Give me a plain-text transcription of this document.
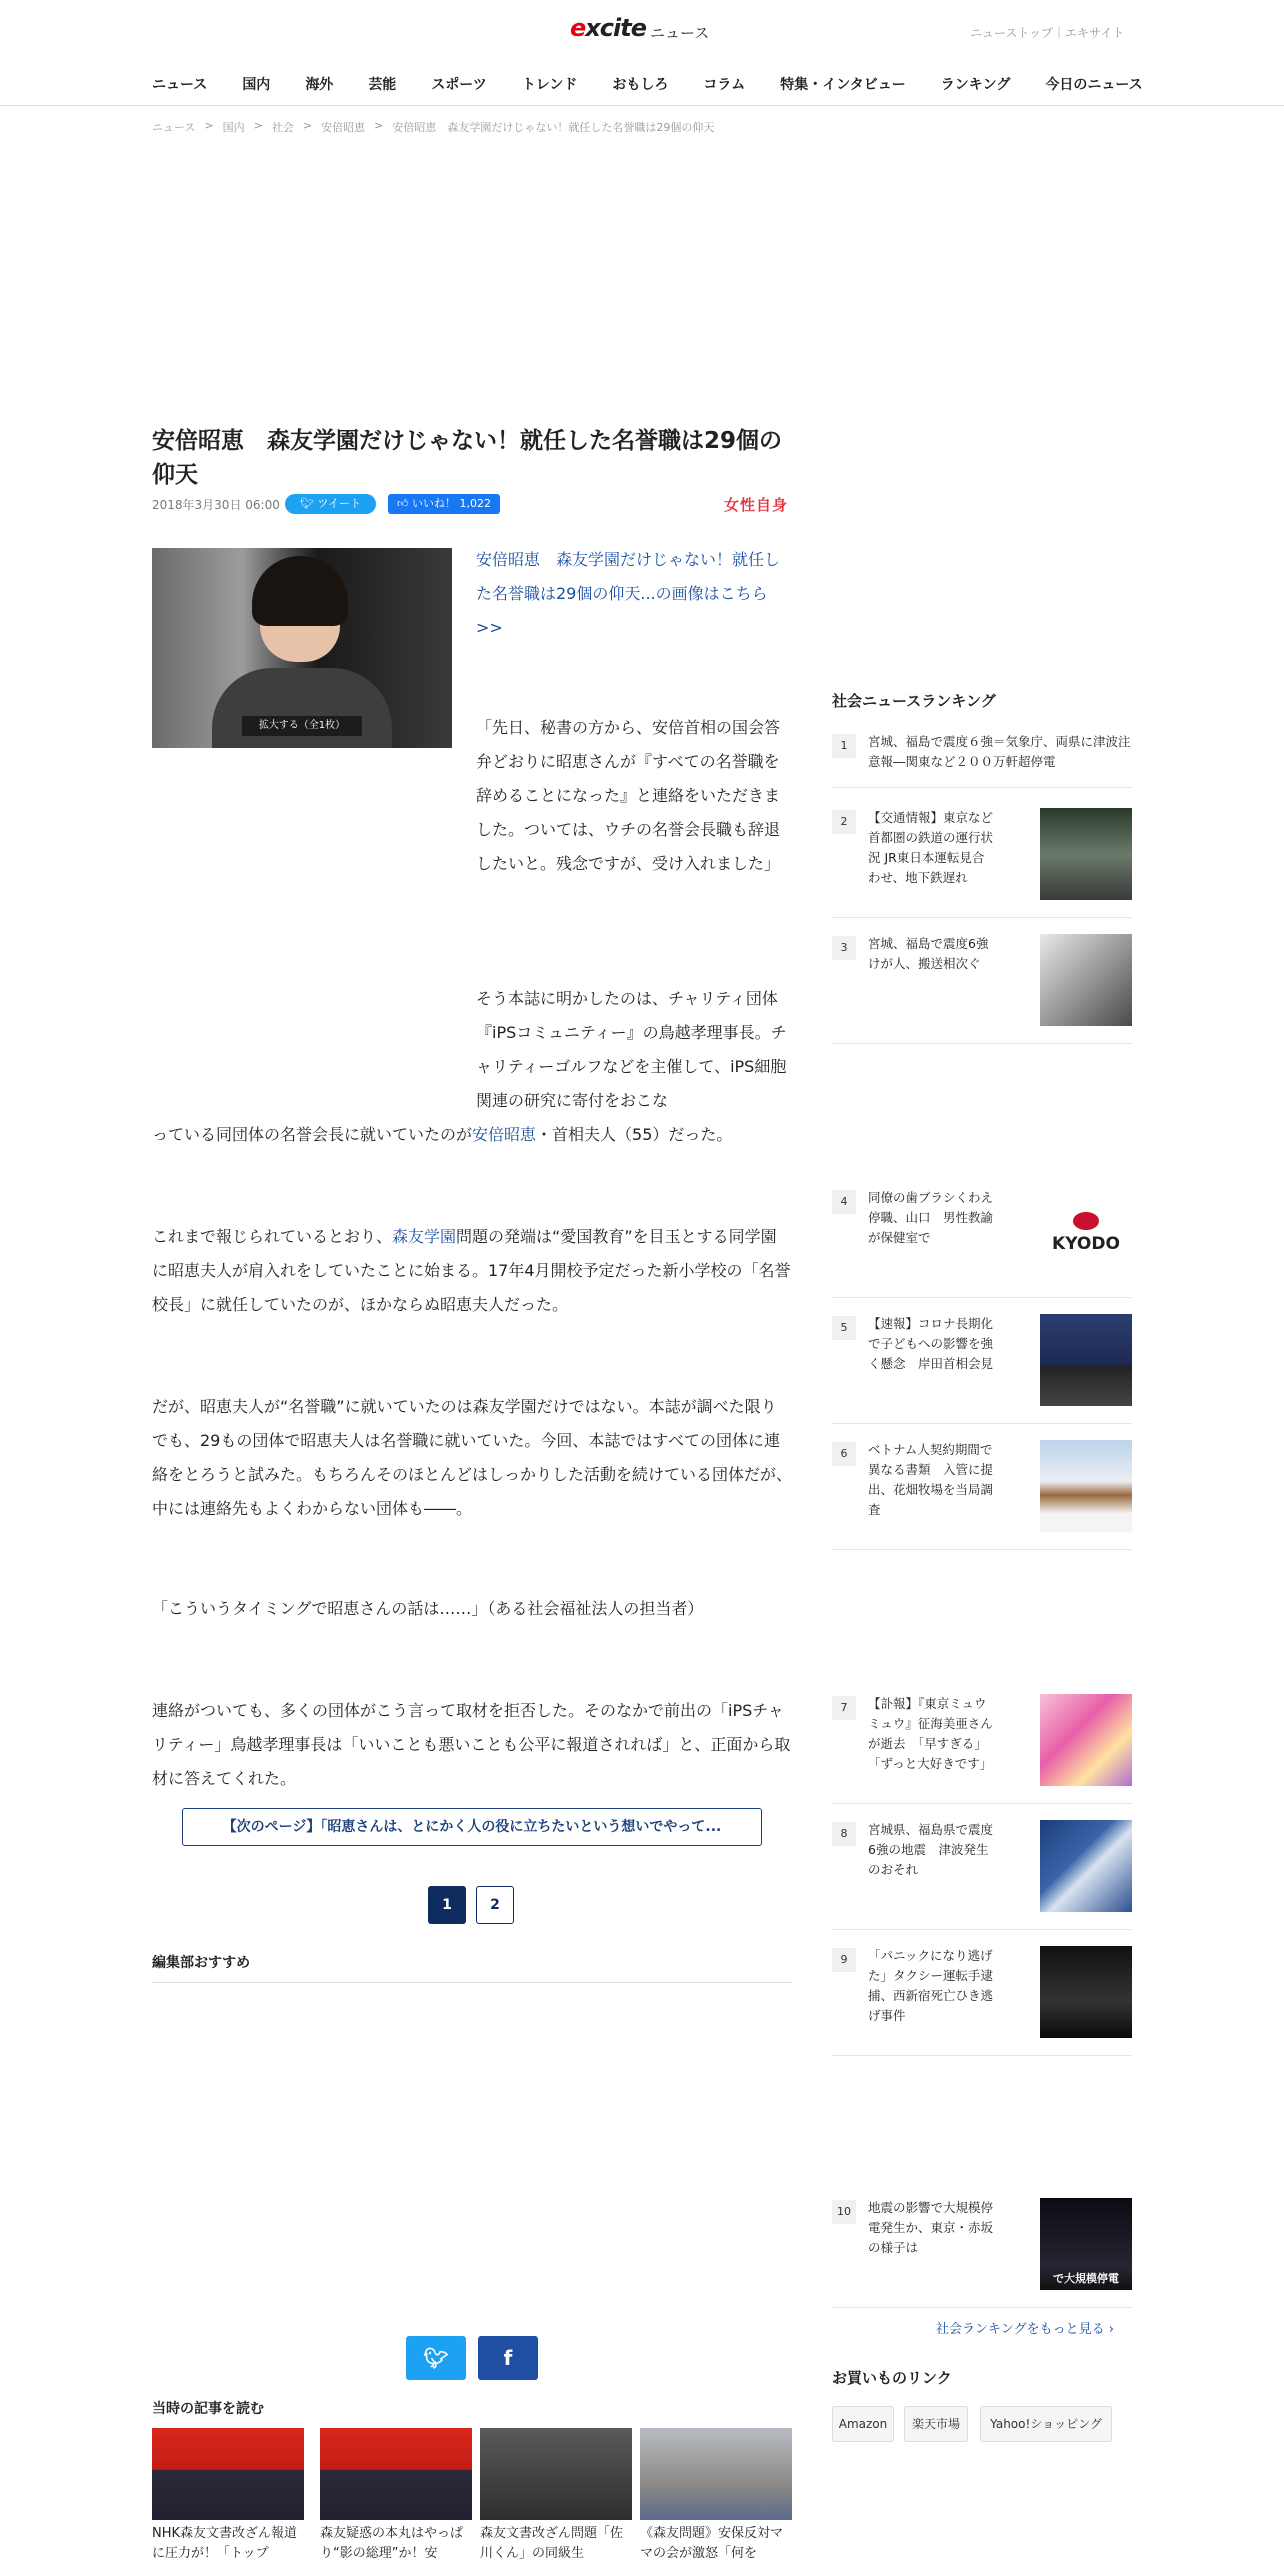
excite ニュース	ニューストップ｜エキサイト
ニュース	国内	海外	芸能	スポーツ	トレンド	おもしろ	コラム	特集・インタビュー	ランキング	今日のニュース
ニュース > 国内 > 社会 > 安倍昭恵 > 安倍昭恵　森友学園だけじゃない！就任した名誉職は29個の仰天
安倍昭恵　森友学園だけじゃない！就任した名誉職は29個の仰天
2018年3月30日 06:00	🐦︎ ツイート	👍︎ いいね！ 1,022	女性自身
拡大する（全1枚）
安倍昭恵　森友学園だけじゃない！就任した名誉職は29個の仰天...の画像はこちら >>

「先日、秘書の方から、安倍首相の国会答弁どおりに昭恵さんが『すべての名誉職を辞めることになった』と連絡をいただきました。ついては、ウチの名誉会長職も辞退したいと。残念ですが、受け入れました」

そう本誌に明かしたのは、チャリティ団体『iPSコミュニティー』の鳥越孝理事長。チャリティーゴルフなどを主催して、iPS細胞関連の研究に寄付をおこな

っている同団体の名誉会長に就いていたのが安倍昭恵・首相夫人（55）だった。

これまで報じられているとおり、森友学園問題の発端は“愛国教育”を目玉とする同学園に昭恵夫人が肩入れをしていたことに始まる。17年4月開校予定だった新小学校の「名誉校長」に就任していたのが、ほかならぬ昭恵夫人だった。

だが、昭恵夫人が“名誉職”に就いていたのは森友学園だけではない。本誌が調べた限りでも、29もの団体で昭恵夫人は名誉職に就いていた。今回、本誌ではすべての団体に連絡をとろうと試みた。もちろんそのほとんどはしっかりした活動を続けている団体だが、中には連絡先もよくわからない団体も――。

「こういうタイミングで昭恵さんの話は……」（ある社会福祉法人の担当者）

連絡がついても、多くの団体がこう言って取材を拒否した。そのなかで前出の「iPSチャリティー」鳥越孝理事長は「いいことも悪いことも公平に報道されれば」と、正面から取材に答えてくれた。

【次のページ】「昭恵さんは、とにかく人の役に立ちたいという想いでやって...
1	2
編集部おすすめ
🐦︎	f
当時の記事を読む
NHK森友文書改ざん報道に圧力が！「トップ
森友疑惑の本丸はやっぱり“影の総理”か！安
森友文書改ざん問題「佐川くん」の同級生
《森友問題》安保反対ママの会が激怒「何を
社会ニュースランキング
1	宮城、福島で震度６強＝気象庁、両県に津波注意報―関東など２００万軒超停電
2	【交通情報】東京など首都圏の鉄道の運行状況 JR東日本運転見合わせ、地下鉄遅れ
3	宮城、福島で震度6強けが人、搬送相次ぐ
4	同僚の歯ブラシくわえ停職、山口　男性教諭が保健室で	KYODO
5	【速報】コロナ長期化で子どもへの影響を強く懸念　岸田首相会見
6	ベトナム人契約期間で異なる書類　入管に提出、花畑牧場を当局調査
7	【訃報】『東京ミュウミュウ』征海美亜さんが逝去　「早すぎる」「ずっと大好きです」
8	宮城県、福島県で震度6強の地震　津波発生のおそれ
9	「パニックになり逃げた」タクシー運転手逮捕、西新宿死亡ひき逃げ事件
10	地震の影響で大規模停電発生か、東京・赤坂の様子は
で大規模停電
社会ランキングをもっと見る ›
お買いものリンク
Amazon	楽天市場	Yahoo!ショッピング
